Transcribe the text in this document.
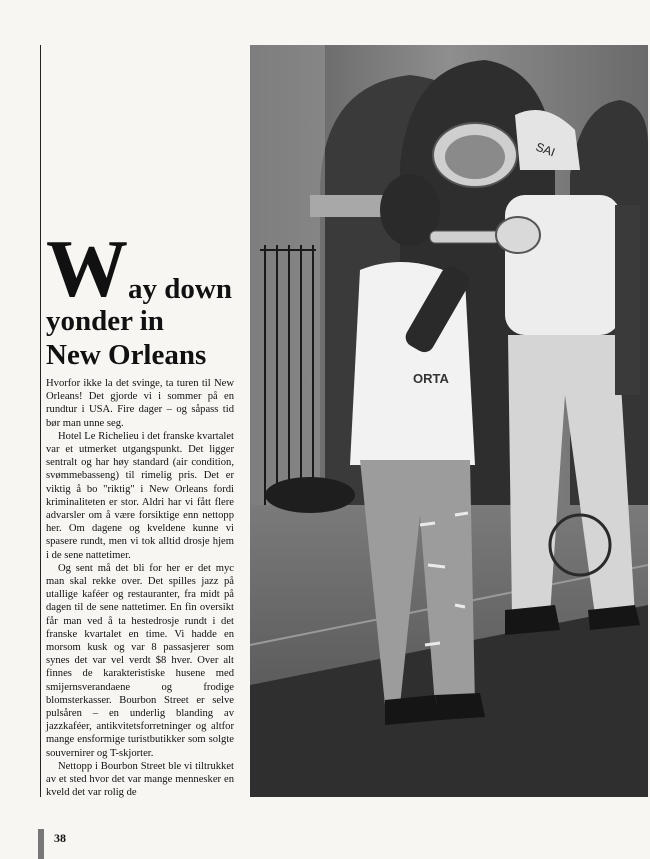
W ay down
yonder in
New Orleans

Hvorfor ikke la det svinge, ta turen til New Orleans! Det gjorde vi i sommer på en rundtur i USA. Fire dager – og såpass tid bør man unne seg.

Hotel Le Richelieu i det franske kvartalet var et utmerket utgangspunkt. Det ligger sentralt og har høy standard (air condition, svømmebasseng) til rimelig pris. Det er viktig å bo "riktig" i New Orleans fordi kriminaliteten er stor. Aldri har vi fått flere advarsler om å være forsiktige enn nettopp her. Om dagene og kveldene kunne vi spasere rundt, men vi tok alltid drosje hjem i de sene nattetimer.

Og sent må det bli for her er det myc man skal rekke over. Det spilles jazz på utallige kaféer og restauranter, fra midt på dagen til de sene nattetimer. En fin oversikt får man ved å ta hestedrosje rundt i det franske kvartalet en time. Vi hadde en morsom kusk og var 8 passasjerer som synes det var vel verdt $8 hver. Over alt finnes de karakteristiske husene med smijernsverandaene og frodige blomsterkasser. Bourbon Street er selve pulsåren – en underlig blanding av jazzkaféer, antikvitetsforretninger og altfor mange ensformige turistbutikker som solgte souvernirer og T-skjorter.

Nettopp i Bourbon Street ble vi tiltrukket av et sted hvor det var mange mennesker en kveld det var rolig de

SAI
ORTA
38
